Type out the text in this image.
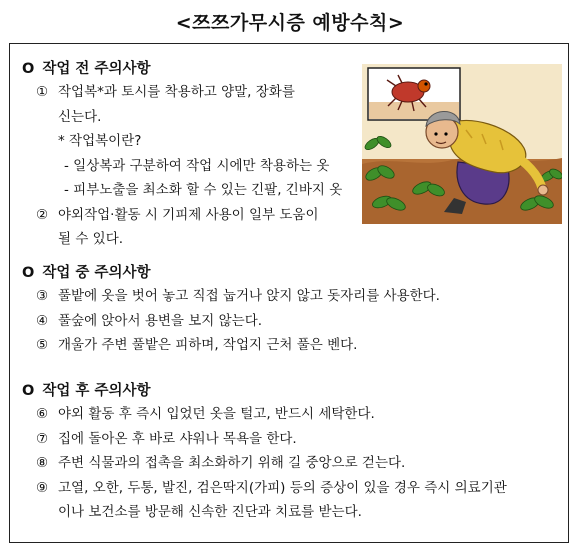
<쯔쯔가무시증 예방수칙>
O 작업 전 주의사항
① 작업복*과 토시를 착용하고 양말, 장화를
신는다.
* 작업복이란?
- 일상복과 구분하여 작업 시에만 착용하는 옷
- 피부노출을 최소화 할 수 있는 긴팔, 긴바지 옷
② 야외작업·활동 시 기피제 사용이 일부 도움이
될 수 있다.
O 작업 중 주의사항
③ 풀밭에 옷을 벗어 놓고 직접 눕거나 앉지 않고 돗자리를 사용한다.
④ 풀숲에 앉아서 용변을 보지 않는다.
⑤ 개울가 주변 풀밭은 피하며, 작업지 근처 풀은 벤다.
O 작업 후 주의사항
⑥ 야외 활동 후 즉시 입었던 옷을 털고, 반드시 세탁한다.
⑦ 집에 돌아온 후 바로 샤워나 목욕을 한다.
⑧ 주변 식물과의 접촉을 최소화하기 위해 길 중앙으로 걷는다.
⑨ 고열, 오한, 두통, 발진, 검은딱지(가피) 등의 증상이 있을 경우 즉시 의료기관
이나 보건소를 방문해 신속한 진단과 치료를 받는다.
